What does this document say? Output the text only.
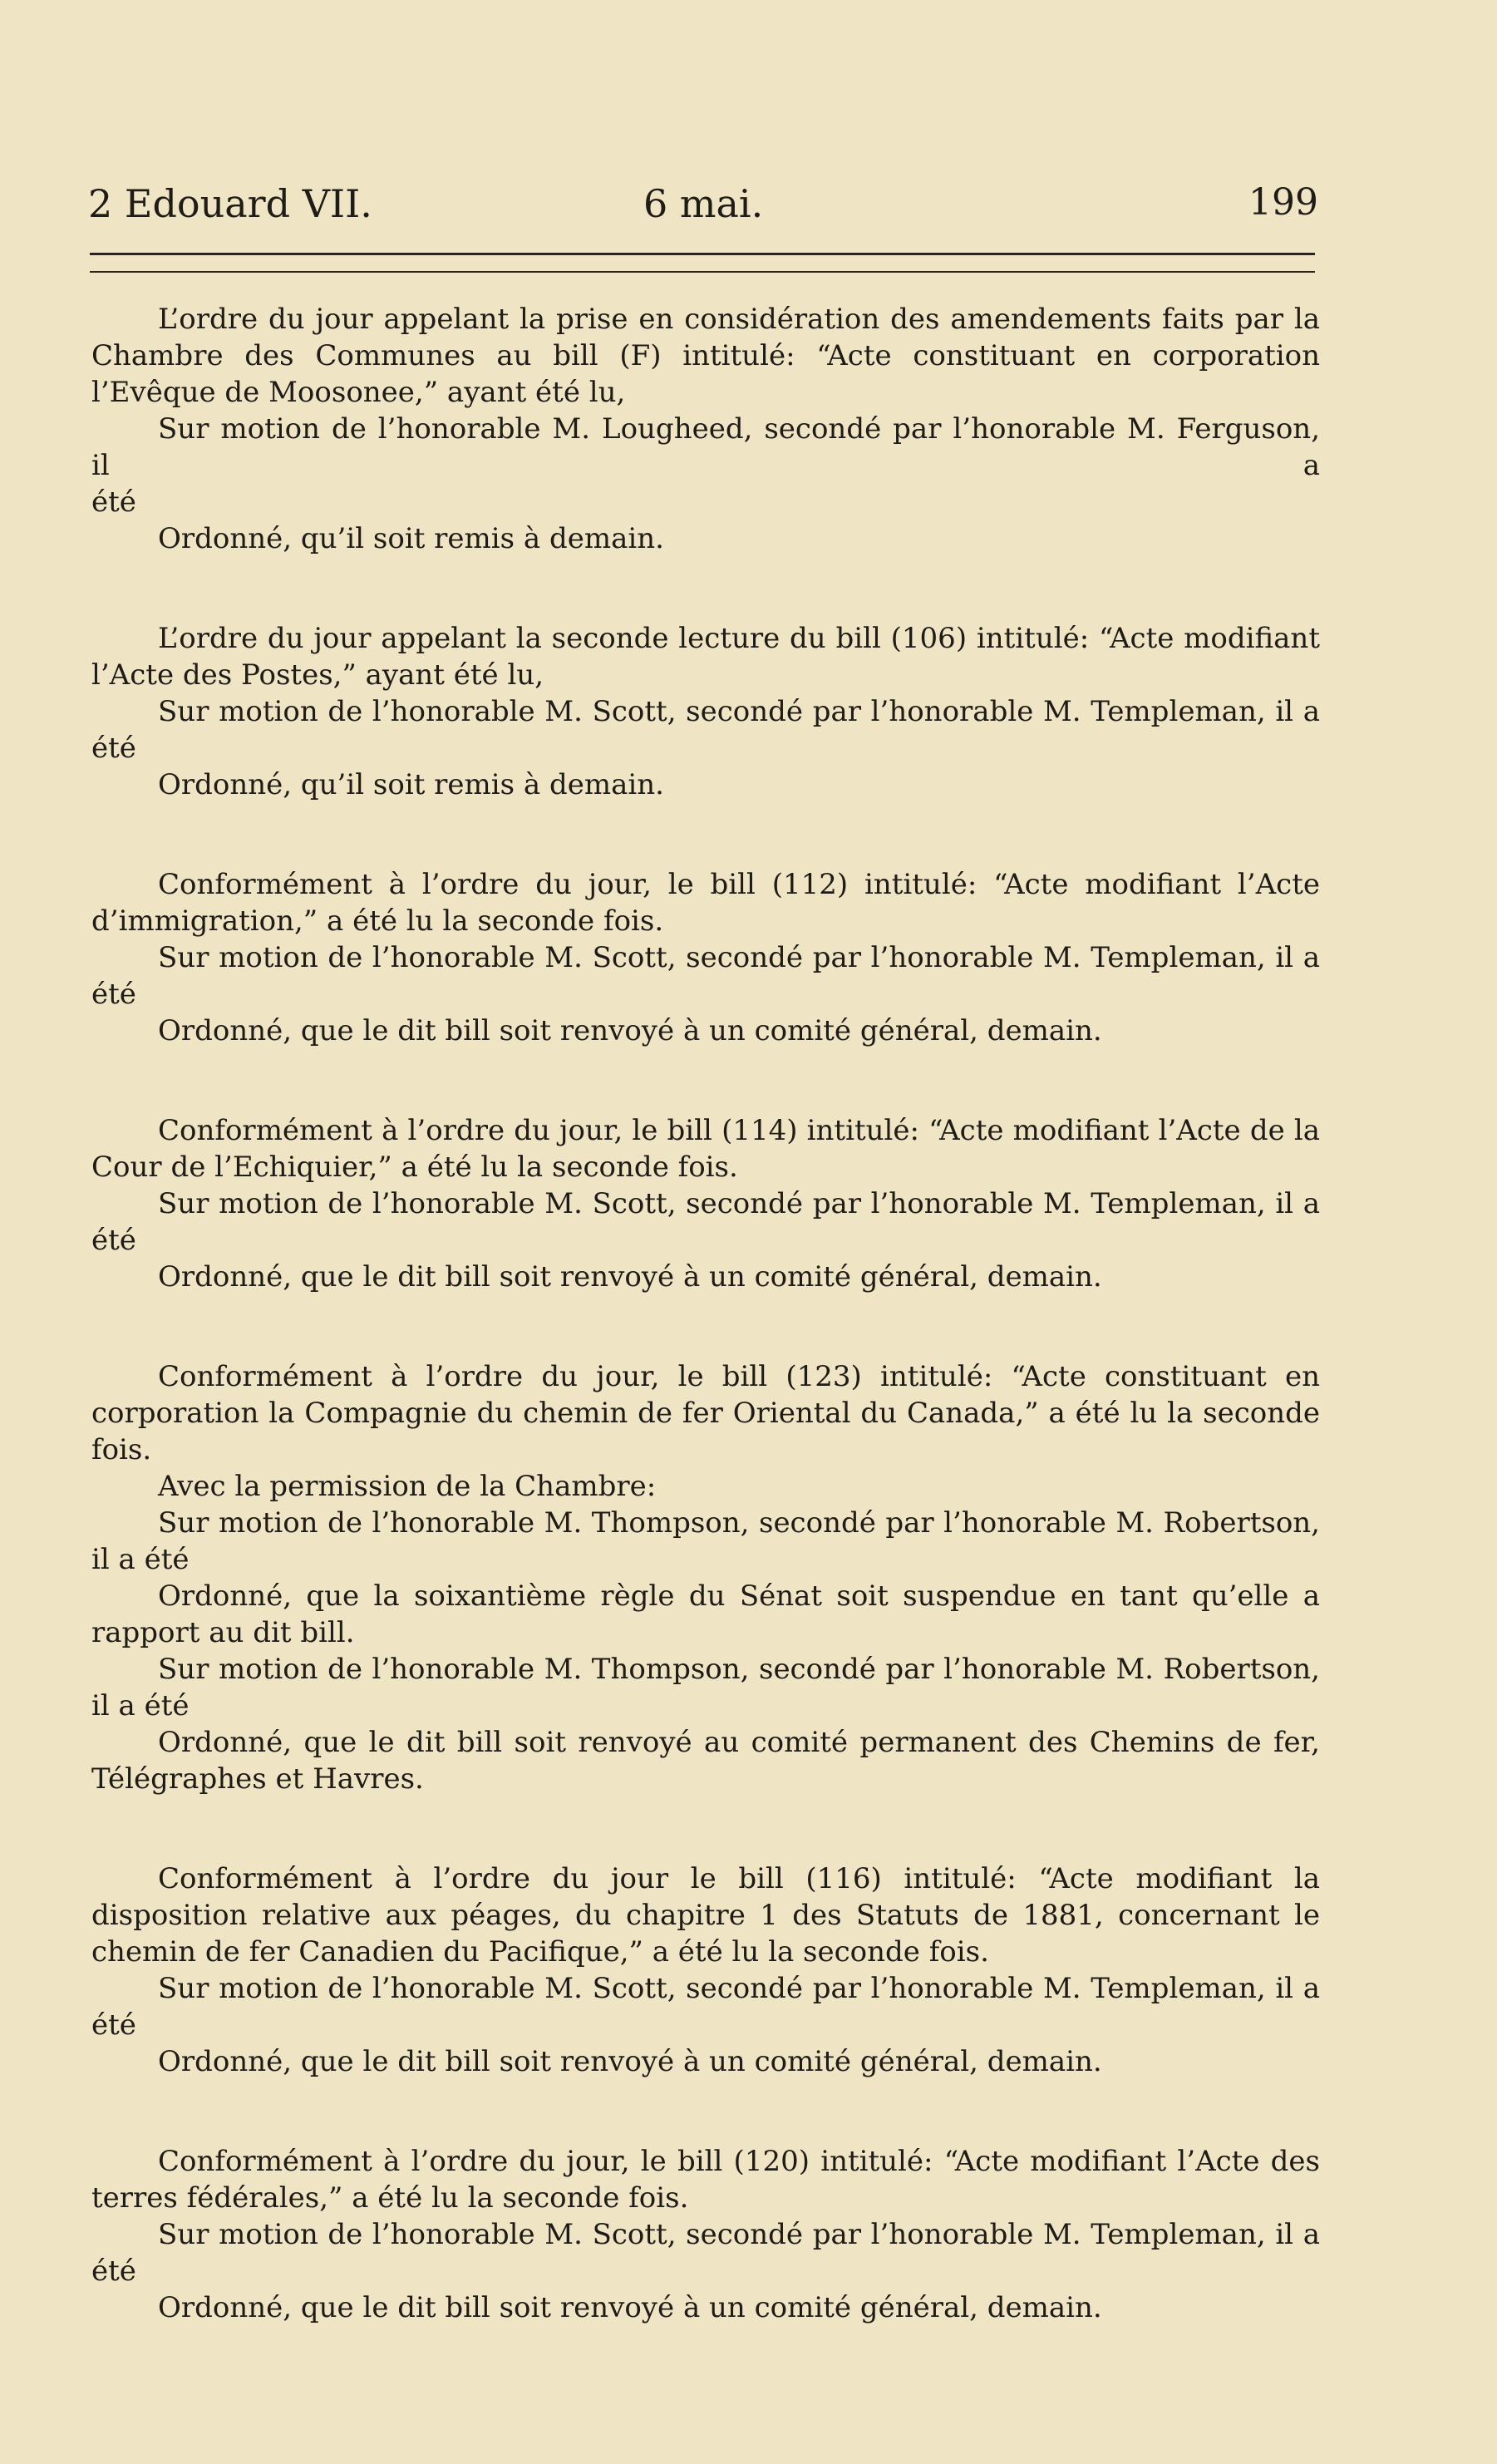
2 Edouard VII.	6 mai.	199

L’ordre du jour appelant la prise en considération des amendements faits par la Chambre des Communes au bill (F) intitulé: “Acte constituant en corporation l’Evêque de Moosonee,” ayant été lu,

Sur motion de l’honorable M. Lougheed, secondé par l’honorable M. Ferguson, il a

été

Ordonné, qu’il soit remis à demain.

L’ordre du jour appelant la seconde lecture du bill (106) intitulé: “Acte modifiant l’Acte des Postes,” ayant été lu,

Sur motion de l’honorable M. Scott, secondé par l’honorable M. Templeman, il a

été

Ordonné, qu’il soit remis à demain.

Conformément à l’ordre du jour, le bill (112) intitulé: “Acte modifiant l’Acte d’immigration,” a été lu la seconde fois.

Sur motion de l’honorable M. Scott, secondé par l’honorable M. Templeman, il a

été

Ordonné, que le dit bill soit renvoyé à un comité général, demain.

Conformément à l’ordre du jour, le bill (114) intitulé: “Acte modifiant l’Acte de la Cour de l’Echiquier,” a été lu la seconde fois.

Sur motion de l’honorable M. Scott, secondé par l’honorable M. Templeman, il a

été

Ordonné, que le dit bill soit renvoyé à un comité général, demain.

Conformément à l’ordre du jour, le bill (123) intitulé: “Acte constituant en corporation la Compagnie du chemin de fer Oriental du Canada,” a été lu la seconde fois.

Avec la permission de la Chambre:

Sur motion de l’honorable M. Thompson, secondé par l’honorable M. Robertson, il a été

Ordonné, que la soixantième règle du Sénat soit suspendue en tant qu’elle a rapport au dit bill.

Sur motion de l’honorable M. Thompson, secondé par l’honorable M. Robertson, il a été

Ordonné, que le dit bill soit renvoyé au comité permanent des Chemins de fer, Télégraphes et Havres.

Conformément à l’ordre du jour le bill (116) intitulé: “Acte modifiant la disposition relative aux péages, du chapitre 1 des Statuts de 1881, concernant le chemin de fer Canadien du Pacifique,” a été lu la seconde fois.

Sur motion de l’honorable M. Scott, secondé par l’honorable M. Templeman, il a

été

Ordonné, que le dit bill soit renvoyé à un comité général, demain.

Conformément à l’ordre du jour, le bill (120) intitulé: “Acte modifiant l’Acte des terres fédérales,” a été lu la seconde fois.

Sur motion de l’honorable M. Scott, secondé par l’honorable M. Templeman, il a

été

Ordonné, que le dit bill soit renvoyé à un comité général, demain.
